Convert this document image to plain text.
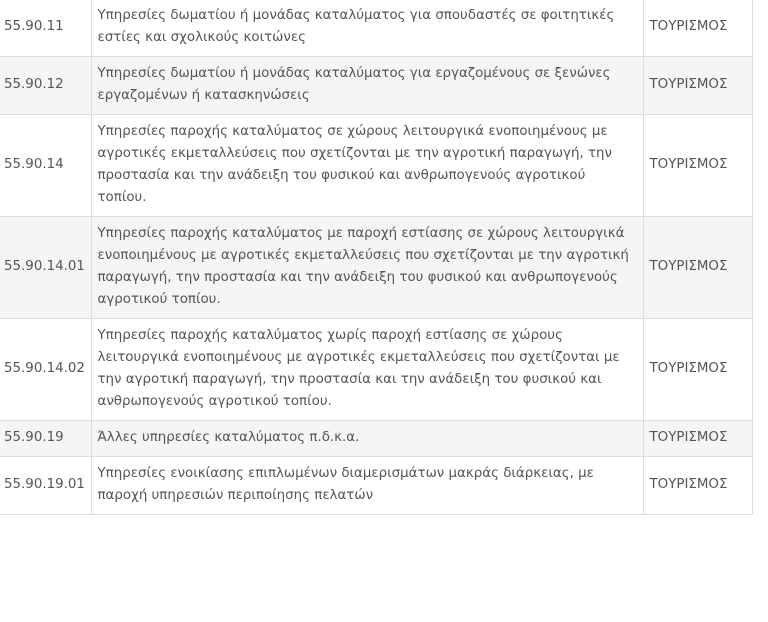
55.90.11	Υπηρεσίες δωματίου ή μονάδας καταλύματος για σπουδαστές σε φοιτητικές εστίες και σχολικούς κοιτώνες	ΤΟΥΡΙΣΜΟΣ
55.90.12	Υπηρεσίες δωματίου ή μονάδας καταλύματος για εργαζομένους σε ξενώνες εργαζομένων ή κατασκηνώσεις	ΤΟΥΡΙΣΜΟΣ
55.90.14	Υπηρεσίες παροχής καταλύματος σε χώρους λειτουργικά ενοποιημένους με αγροτικές εκμεταλλεύσεις που σχετίζονται με την αγροτική παραγωγή, την προστασία και την ανάδειξη του φυσικού και ανθρωπογενούς αγροτικού τοπίου.	ΤΟΥΡΙΣΜΟΣ
55.90.14.01	Υπηρεσίες παροχής καταλύματος με παροχή εστίασης σε χώρους λειτουργικά ενοποιημένους με αγροτικές εκμεταλλεύσεις που σχετίζονται με την αγροτική παραγωγή, την προστασία και την ανάδειξη του φυσικού και ανθρωπογενούς αγροτικού τοπίου.	ΤΟΥΡΙΣΜΟΣ
55.90.14.02	Υπηρεσίες παροχής καταλύματος χωρίς παροχή εστίασης σε χώρους λειτουργικά ενοποιημένους με αγροτικές εκμεταλλεύσεις που σχετίζονται με την αγροτική παραγωγή, την προστασία και την ανάδειξη του φυσικού και ανθρωπογενούς αγροτικού τοπίου.	ΤΟΥΡΙΣΜΟΣ
55.90.19	Άλλες υπηρεσίες καταλύματος π.δ.κ.α.	ΤΟΥΡΙΣΜΟΣ
55.90.19.01	Υπηρεσίες ενοικίασης επιπλωμένων διαμερισμάτων μακράς διάρκειας, με παροχή υπηρεσιών περιποίησης πελατών	ΤΟΥΡΙΣΜΟΣ
